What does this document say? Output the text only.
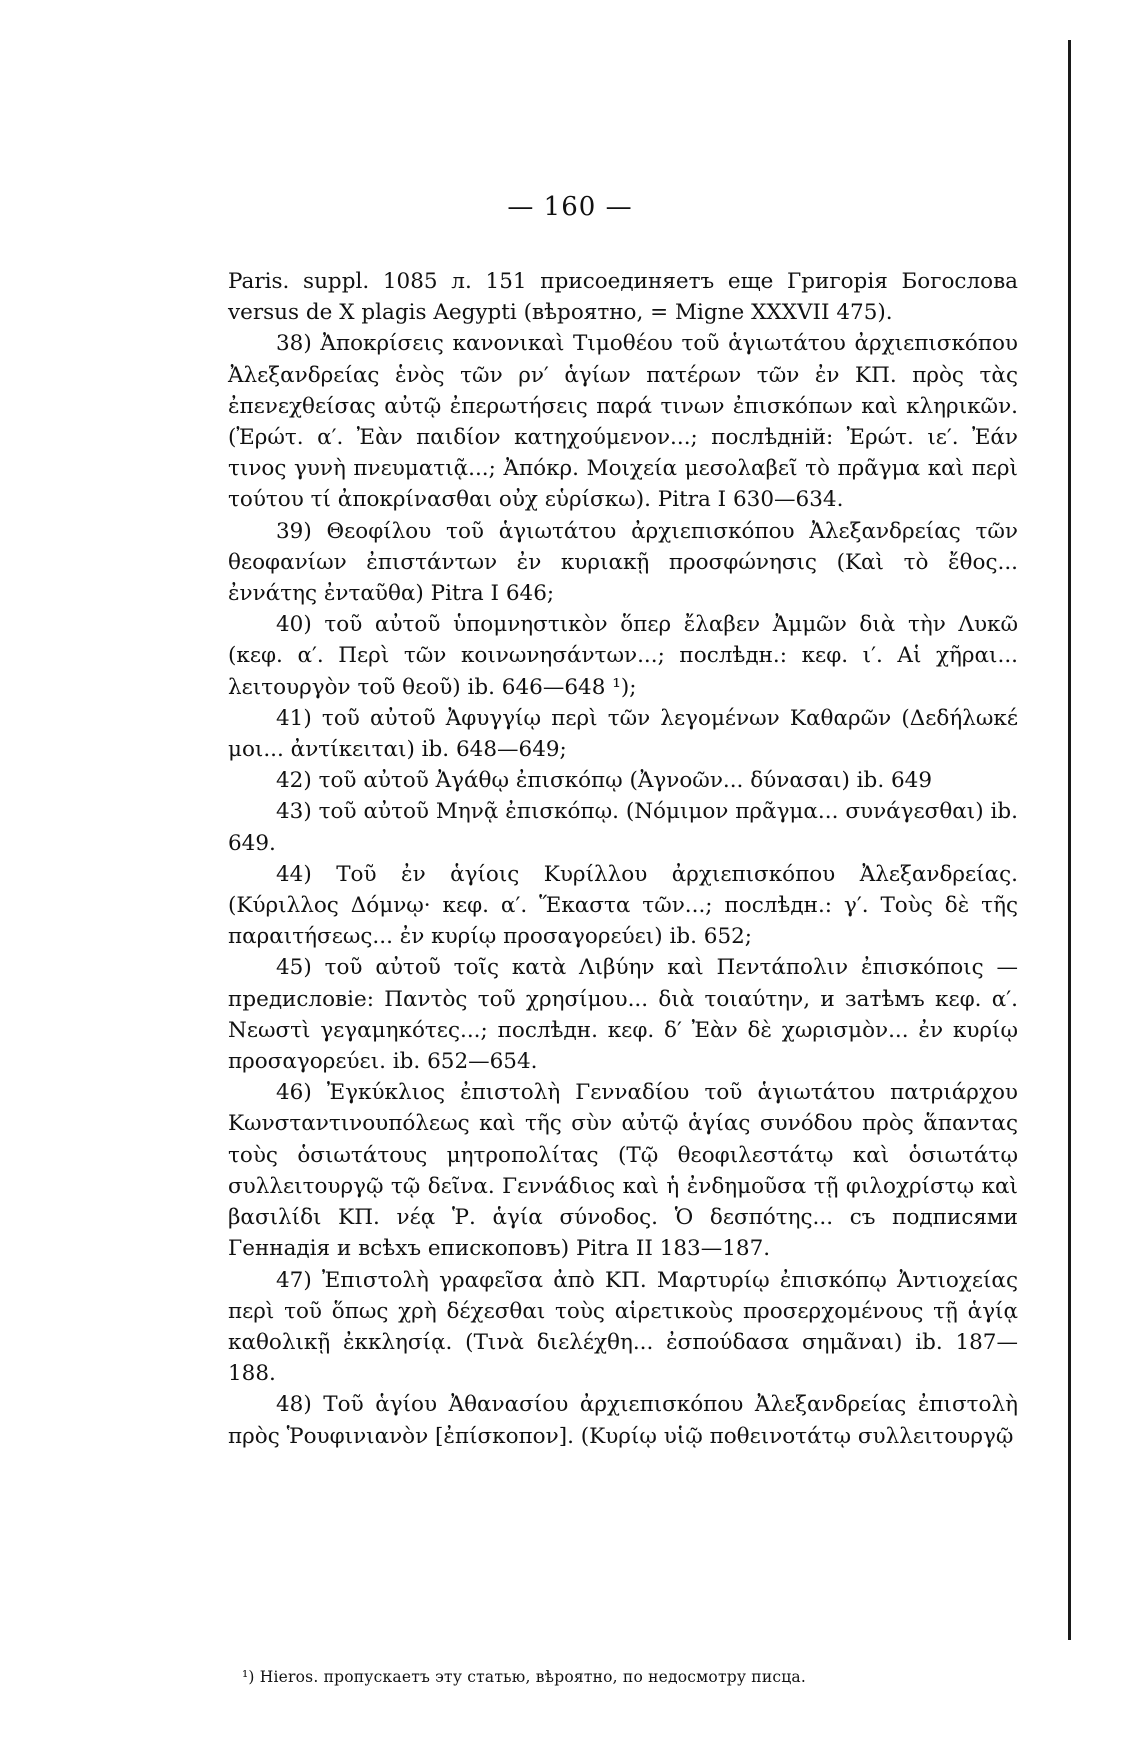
— 160 —

Paris. suppl. 1085 л. 151 присоединяетъ еще Григорія Богослова versus de X plagis Aegypti (вѣроятно, = Migne XXXVII 475).

38) Ἀποκρίσεις κανονικαὶ Τιμοθέου τοῦ ἁγιωτάτου ἀρχιεπισκόπου Ἀλεξανδρείας ἑνὸς τῶν ρν′ ἁγίων πατέρων τῶν ἐν ΚΠ. πρὸς τὰς ἐπενεχθείσας αὐτῷ ἐπερωτήσεις παρά τινων ἐπισκόπων καὶ κληρικῶν. (Ἐρώτ. α′. Ἐὰν παιδίον κατηχούμενον...; послѣдній: Ἐρώτ. ιε′. Ἐάν τινος γυνὴ πνευματιᾷ...; Ἀπόκρ. Μοιχεία μεσολαβεῖ τὸ πρᾶγμα καὶ περὶ τούτου τί ἀποκρίνασθαι οὐχ εὑρίσκω). Pitra I 630—634.

39) Θεοφίλου τοῦ ἁγιωτάτου ἀρχιεπισκόπου Ἀλεξανδρείας τῶν θεοφανίων ἐπιστάντων ἐν κυριακῇ προσφώνησις (Καὶ τὸ ἔθος... ἐννάτης ἐνταῦθα) Pitra I 646;

40) τοῦ αὐτοῦ ὑπομνηστικὸν ὅπερ ἔλαβεν Ἀμμῶν διὰ τὴν Λυκῶ (κεφ. α′. Περὶ τῶν κοινωνησάντων...; послѣдн.: κεφ. ι′. Αἱ χῆραι... λειτουργὸν τοῦ θεοῦ) ib. 646—648 ¹);

41) τοῦ αὐτοῦ Ἀφυγγίῳ περὶ τῶν λεγομένων Καθαρῶν (Δεδήλωκέ μοι... ἀντίκειται) ib. 648—649;

42) τοῦ αὐτοῦ Ἀγάθῳ ἐπισκόπῳ (Ἀγνοῶν... δύνασαι) ib. 649

43) τοῦ αὐτοῦ Μηνᾷ ἐπισκόπῳ. (Νόμιμον πρᾶγμα... συνάγεσθαι) ib. 649.

44) Τοῦ ἐν ἁγίοις Κυρίλλου ἀρχιεπισκόπου Ἀλεξανδρείας. (Κύριλλος Δόμνῳ· κεφ. α′. Ἕκαστα τῶν...; послѣдн.: γ′. Τοὺς δὲ τῆς παραιτήσεως... ἐν κυρίῳ προσαγορεύει) ib. 652;

45) τοῦ αὐτοῦ τοῖς κατὰ Λιβύην καὶ Πεντάπολιν ἐπισκόποις — предисловіе: Παντὸς τοῦ χρησίμου... διὰ τοιαύτην, и затѣмъ κεφ. α′. Νεωστὶ γεγαμηκότες...; послѣдн. κεφ. δ′ Ἐὰν δὲ χωρισμὸν... ἐν κυρίῳ προσαγορεύει. ib. 652—654.

46) Ἐγκύκλιος ἐπιστολὴ Γενναδίου τοῦ ἁγιωτάτου πατριάρχου Κωνσταντινουπόλεως καὶ τῆς σὺν αὐτῷ ἁγίας συνόδου πρὸς ἅπαντας τοὺς ὁσιωτάτους μητροπολίτας (Τῷ θεοφιλεστάτῳ καὶ ὁσιωτάτῳ συλλειτουργῷ τῷ δεῖνα. Γεννάδιος καὶ ἡ ἐνδημοῦσα τῇ φιλοχρίστῳ καὶ βασιλίδι ΚΠ. νέᾳ Ῥ. ἁγία σύνοδος. Ὁ δεσπότης... съ подписями Геннадія и всѣхъ епископовъ) Pitra II 183—187.

47) Ἐπιστολὴ γραφεῖσα ἀπὸ ΚΠ. Μαρτυρίῳ ἐπισκόπῳ Ἀντιοχείας περὶ τοῦ ὅπως χρὴ δέχεσθαι τοὺς αἱρετικοὺς προσερχομένους τῇ ἁγίᾳ καθολικῇ ἐκκλησίᾳ. (Τινὰ διελέχθη... ἐσπούδασα σημᾶναι) ib. 187—188.

48) Τοῦ ἁγίου Ἀθανασίου ἀρχιεπισκόπου Ἀλεξανδρείας ἐπιστολὴ πρὸς Ῥουφινιανὸν [ἐπίσκοπον]. (Κυρίῳ υἱῷ ποθεινοτάτῳ συλλειτουργῷ

¹) Hieros. пропускаетъ эту статью, вѣроятно, по недосмотру писца.
